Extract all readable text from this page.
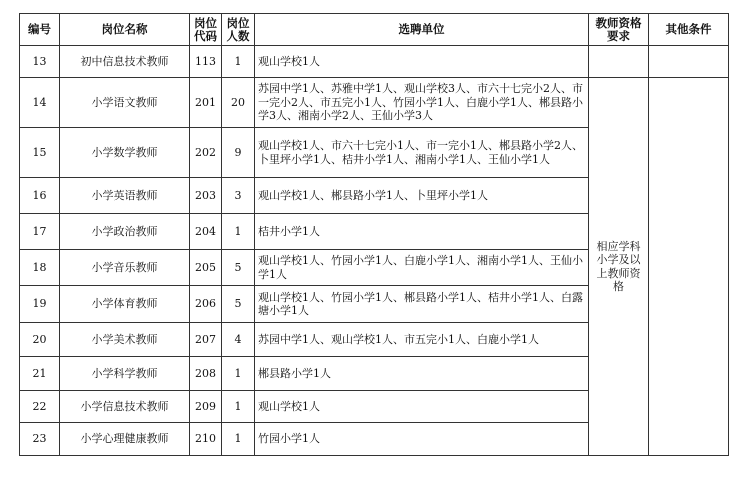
编号	岗位名称	岗位代码	岗位人数	选聘单位	教师资格要求	其他条件
13	初中信息技术教师	113	1	观山学校1人		
14	小学语文教师	201	20	苏园中学1人、苏雅中学1人、观山学校3人、市六十七完小2人、市一完小2人、市五完小1人、竹园小学1人、白鹿小学1人、郴县路小学3人、湘南小学2人、王仙小学3人	相应学科小学及以上教师资格	
15	小学数学教师	202	9	观山学校1人、市六十七完小1人、市一完小1人、郴县路小学2人、卜里坪小学1人、桔井小学1人、湘南小学1人、王仙小学1人		
16	小学英语教师	203	3	观山学校1人、郴县路小学1人、卜里坪小学1人		
17	小学政治教师	204	1	桔井小学1人		
18	小学音乐教师	205	5	观山学校1人、竹园小学1人、白鹿小学1人、湘南小学1人、王仙小学1人		
19	小学体育教师	206	5	观山学校1人、竹园小学1人、郴县路小学1人、桔井小学1人、白露塘小学1人		
20	小学美术教师	207	4	苏园中学1人、观山学校1人、市五完小1人、白鹿小学1人		
21	小学科学教师	208	1	郴县路小学1人		
22	小学信息技术教师	209	1	观山学校1人		
23	小学心理健康教师	210	1	竹园小学1人		
